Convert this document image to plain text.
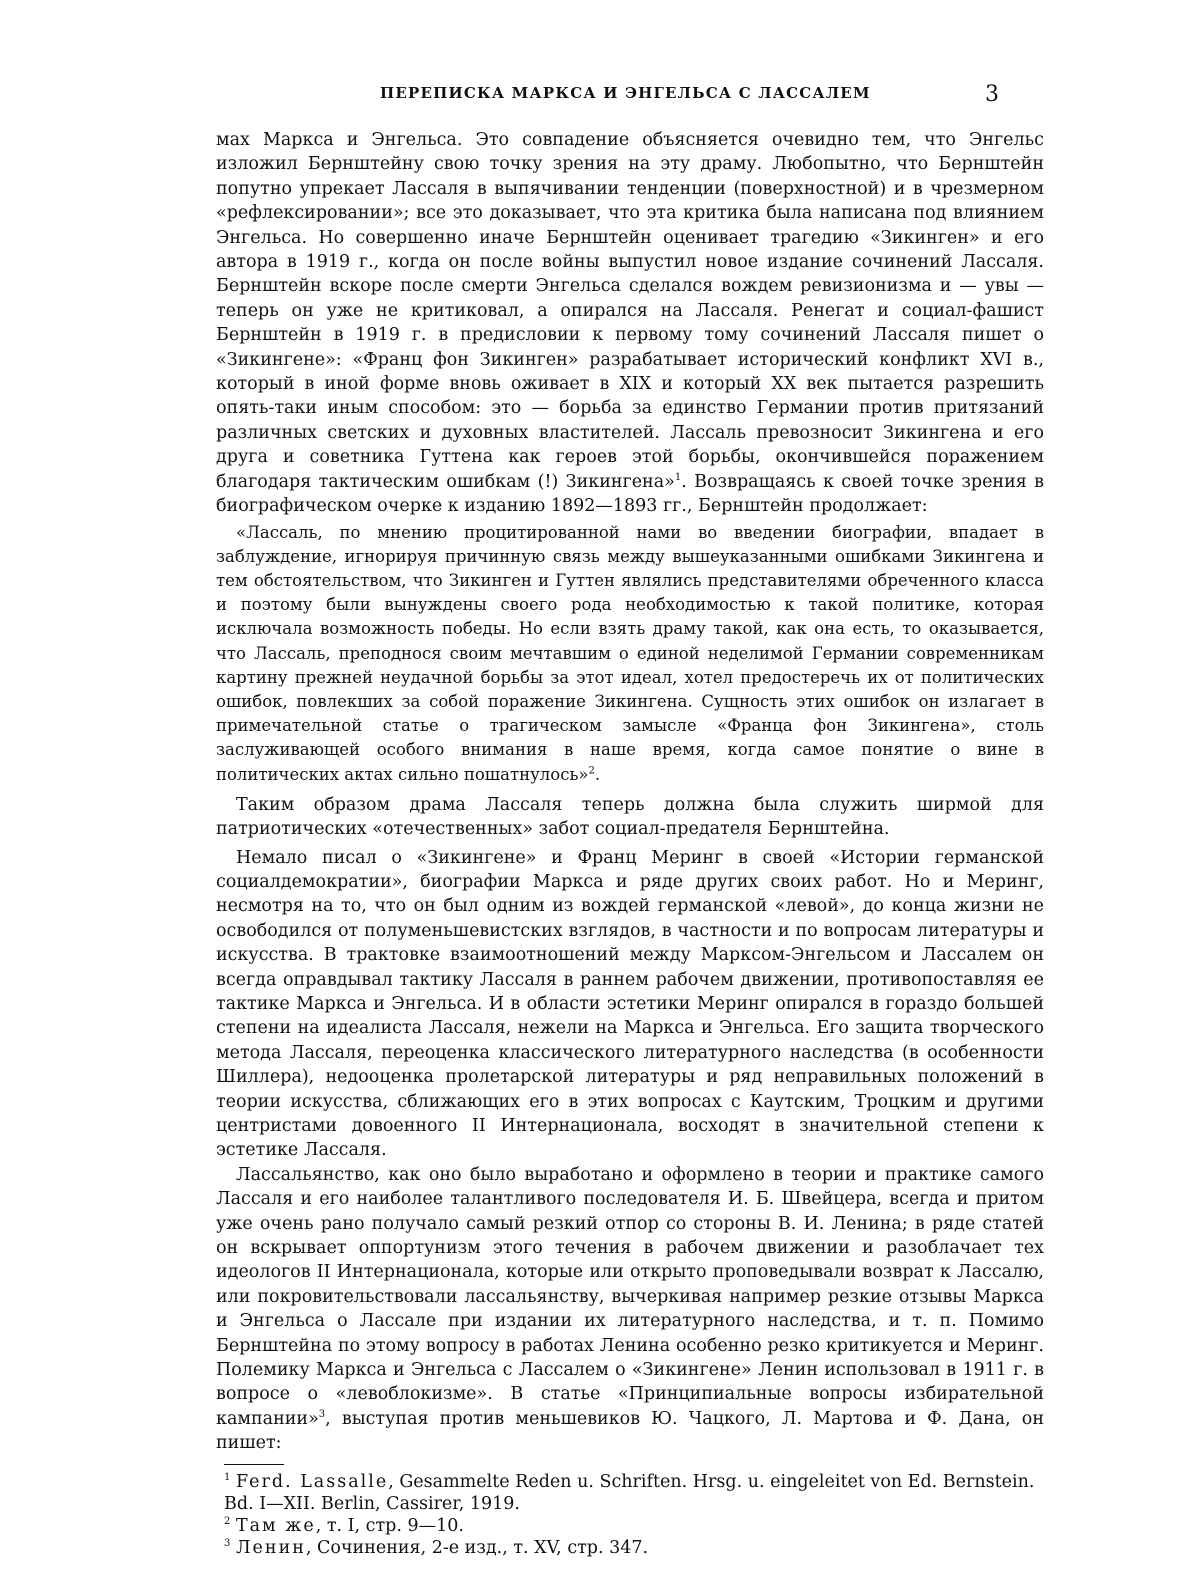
ПЕРЕПИСКА МАРКСА И ЭНГЕЛЬСА С ЛАССАЛЕМ	3

мах Маркса и Энгельса. Это совпадение объясняется очевидно тем, что Энгельс изложил Бернштейну свою точку зрения на эту драму. Любопытно, что Бернштейн попутно упрекает Лассаля в выпячивании тенденции (поверхностной) и в чрезмерном «рефлексировании»; все это доказывает, что эта критика была написана под влиянием Энгельса. Но совершенно иначе Бернштейн оценивает трагедию «Зикинген» и его автора в 1919 г., когда он после войны выпустил новое издание сочинений Лассаля. Бернштейн вскоре после смерти Энгельса сделался вождем ревизионизма и — увы — теперь он уже не критиковал, а опирался на Лассаля. Ренегат и социал-фашист Бернштейн в 1919 г. в предисловии к первому тому сочинений Лассаля пишет о «Зикингене»: «Франц фон Зикинген» разрабатывает исторический конфликт XVI в., который в иной форме вновь оживает в XIX и который XX век пытается разрешить опять-таки иным способом: это — борьба за единство Германии против притязаний различных светских и духовных властителей. Лассаль превозносит Зикингена и его друга и советника Гуттена как героев этой борьбы, окончившейся поражением благодаря тактическим ошибкам (!) Зикингена»$^1$. Возвращаясь к своей точке зрения в биографическом очерке к изданию 1892—1893 гг., Бернштейн продолжает:

«Лассаль, по мнению процитированной нами во введении биографии, впадает в заблуждение, игнорируя причинную связь между вышеуказанными ошибками Зикингена и тем обстоятельством, что Зикинген и Гуттен являлись представителями обреченного класса и поэтому были вынуждены своего рода необходимостью к такой политике, которая исключала возможность победы. Но если взять драму такой, как она есть, то оказывается, что Лассаль, преподнося своим мечтавшим о единой неделимой Германии современникам картину прежней неудачной борьбы за этот идеал, хотел предостеречь их от политических ошибок, повлекших за собой поражение Зикингена. Сущность этих ошибок он излагает в примечательной статье о трагическом замысле «Франца фон Зикингена», столь заслуживающей особого внимания в наше время, когда самое понятие о вине в политических актах сильно пошатнулось»$^2$.

Таким образом драма Лассаля теперь должна была служить ширмой для патриотических «отечественных» забот социал-предателя Бернштейна.

Немало писал о «Зикингене» и Франц Меринг в своей «Истории германской социалдемократии», биографии Маркса и ряде других своих работ. Но и Меринг, несмотря на то, что он был одним из вождей германской «левой», до конца жизни не освободился от полуменьшевистских взглядов, в частности и по вопросам литературы и искусства. В трактовке взаимоотношений между Марксом-Энгельсом и Лассалем он всегда оправдывал тактику Лассаля в раннем рабочем движении, противопоставляя ее тактике Маркса и Энгельса. И в области эстетики Меринг опирался в гораздо большей степени на идеалиста Лассаля, нежели на Маркса и Энгельса. Его защита творческого метода Лассаля, переоценка классического литературного наследства (в особенности Шиллера), недооценка пролетарской литературы и ряд неправильных положений в теории искусства, сближающих его в этих вопросах с Каутским, Троцким и другими центристами довоенного II Интернационала, восходят в значительной степени к эстетике Лассаля.

Лассальянство, как оно было выработано и оформлено в теории и практике самого Лассаля и его наиболее талантливого последователя И. Б. Швейцера, всегда и притом уже очень рано получало самый резкий отпор со стороны В. И. Ленина; в ряде статей он вскрывает оппортунизм этого течения в рабочем движении и разоблачает тех идеологов II Интернационала, которые или открыто проповедывали возврат к Лассалю, или покровительствовали лассальянству, вычеркивая например резкие отзывы Маркса и Энгельса о Лассале при издании их литературного наследства, и т. п. Помимо Бернштейна по этому вопросу в работах Ленина особенно резко критикуется и Меринг. Полемику Маркса и Энгельса с Лассалем о «Зикингене» Ленин использовал в 1911 г. в вопросе о «левоблокизме». В статье «Принципиальные вопросы избирательной кампании»$^3$, выступая против меньшевиков Ю. Чацкого, Л. Мартова и Ф. Дана, он пишет:

$^1$ Ferd. Lassalle, Gesammelte Reden u. Schriften. Hrsg. u. eingeleitet von Ed. Bernstein. Bd. I—XII. Berlin, Cassirer, 1919.
$^2$ Там же, т. I, стр. 9—10.
$^3$ Ленин, Сочинения, 2-е изд., т. XV, стр. 347.
